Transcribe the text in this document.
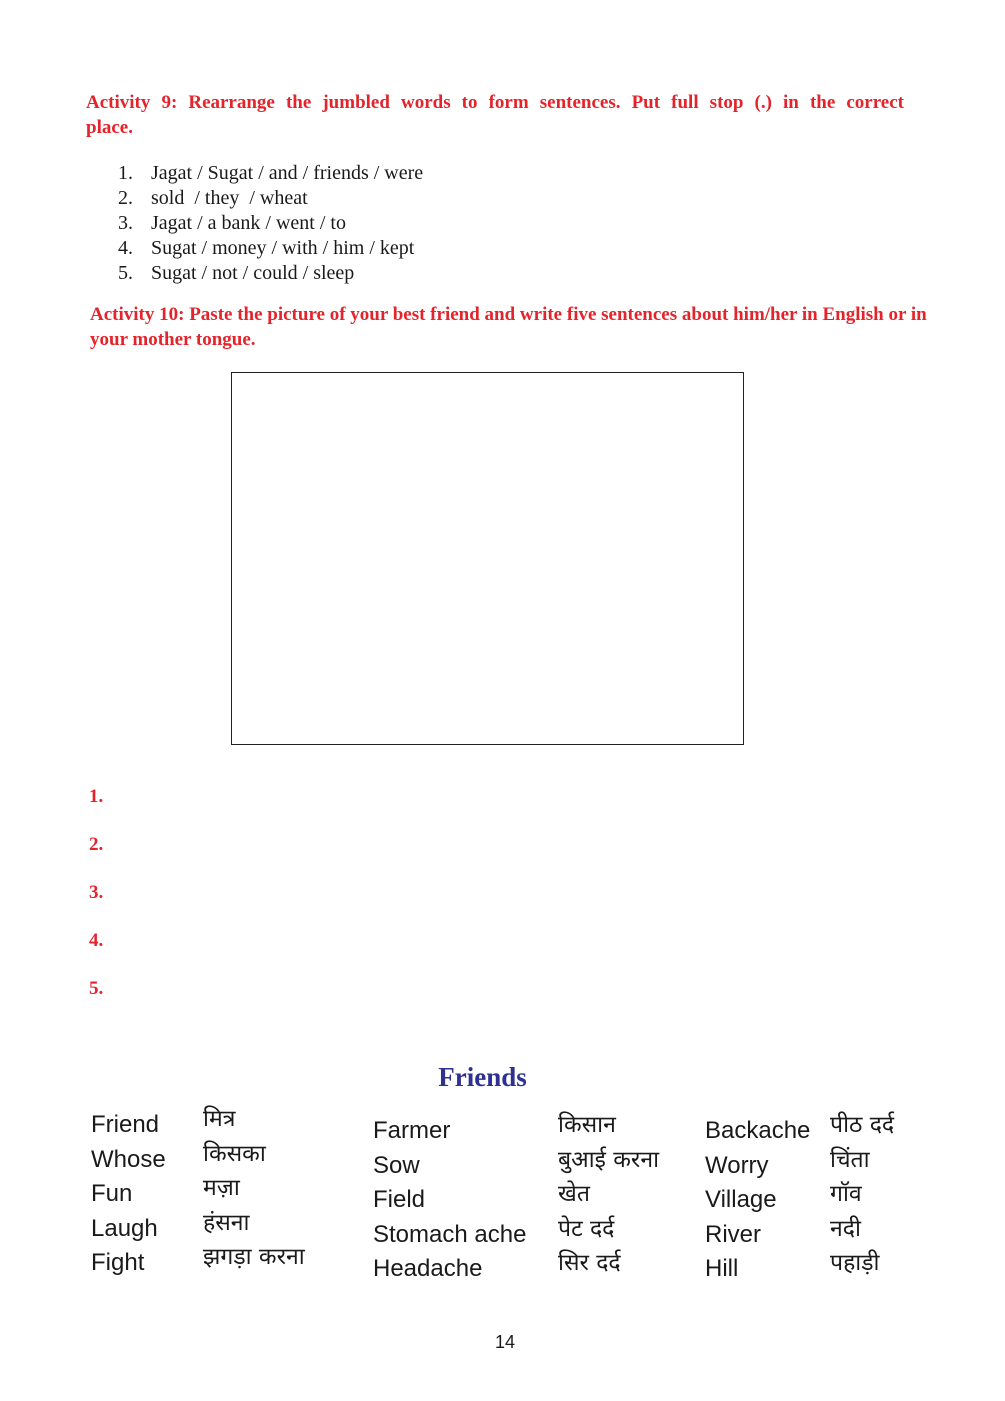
Activity 9: Rearrange the jumbled words to form sentences. Put full stop (.) in the correct place.
1. Jagat / Sugat / and / friends / were
2. sold  / they  / wheat
3. Jagat / a bank / went / to
4. Sugat / money / with / him / kept
5. Sugat / not / could / sleep
Activity 10: Paste the picture of your best friend and write five sentences about him/her in English or in your mother tongue.
1.
2.
3.
4.
5.
Friends
Friend	मित्र
Whose	किसका
Fun	मज़ा
Laugh	हंसना
Fight	झगड़ा करना
Farmer	किसान
Sow	बुआई करना
Field	खेत
Stomach ache	पेट दर्द
Headache	सिर दर्द
Backache पीठ दर्द
Worry	चिंता
Village	गॉव
River	नदी
Hill	पहाड़ी
14
